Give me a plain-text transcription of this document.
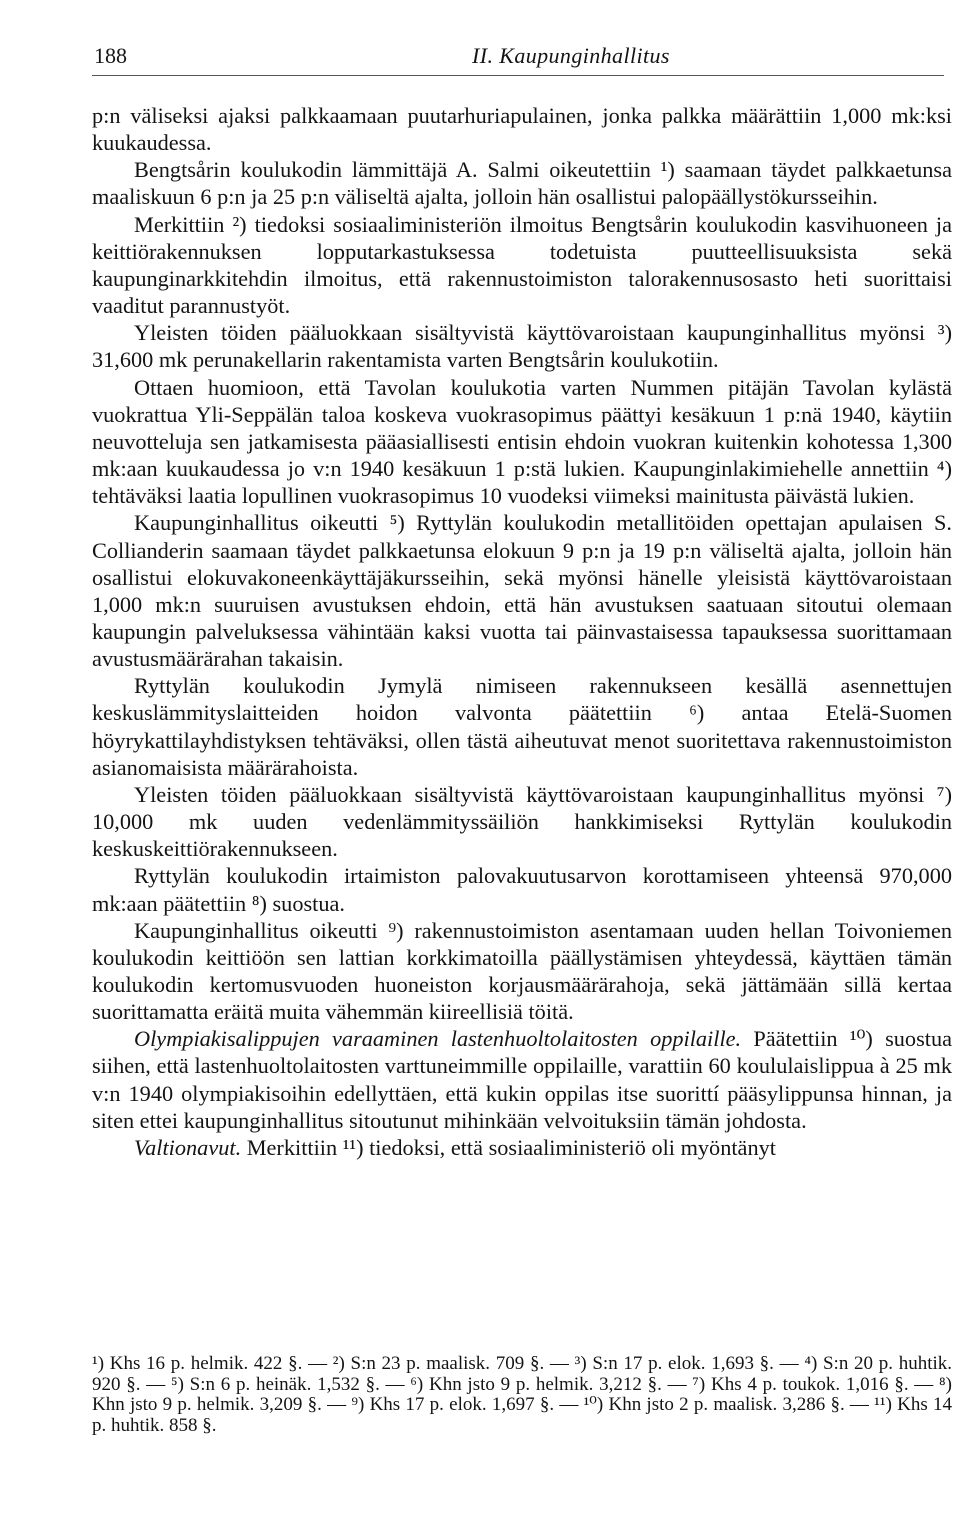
188	II. Kaupunginhallitus

p:n väliseksi ajaksi palkkaamaan puutarhuriapulainen, jonka palkka määrättiin 1,000 mk:ksi kuukaudessa.

Bengtsårin koulukodin lämmittäjä A. Salmi oikeutettiin ¹) saamaan täydet palkkaetunsa maaliskuun 6 p:n ja 25 p:n väliseltä ajalta, jolloin hän osallistui palopäällystökursseihin.

Merkittiin ²) tiedoksi sosiaaliministeriön ilmoitus Bengtsårin koulukodin kasvihuoneen ja keittiörakennuksen lopputarkastuksessa todetuista puutteellisuuksista sekä kaupunginarkkitehdin ilmoitus, että rakennustoimiston talorakennusosasto heti suorittaisi vaaditut parannustyöt.

Yleisten töiden pääluokkaan sisältyvistä käyttövaroistaan kaupunginhallitus myönsi ³) 31,600 mk perunakellarin rakentamista varten Bengtsårin koulukotiin.

Ottaen huomioon, että Tavolan koulukotia varten Nummen pitäjän Tavolan kylästä vuokrattua Yli-Seppälän taloa koskeva vuokrasopimus päättyi kesäkuun 1 p:nä 1940, käytiin neuvotteluja sen jatkamisesta pääasiallisesti entisin ehdoin vuokran kuitenkin kohotessa 1,300 mk:aan kuukaudessa jo v:n 1940 kesäkuun 1 p:stä lukien. Kaupunginlakimiehelle annettiin ⁴) tehtäväksi laatia lopullinen vuokrasopimus 10 vuodeksi viimeksi mainitusta päivästä lukien.

Kaupunginhallitus oikeutti ⁵) Ryttylän koulukodin metallitöiden opettajan apulaisen S. Collianderin saamaan täydet palkkaetunsa elokuun 9 p:n ja 19 p:n väliseltä ajalta, jolloin hän osallistui elokuvakoneenkäyttäjäkursseihin, sekä myönsi hänelle yleisistä käyttövaroistaan 1,000 mk:n suuruisen avustuksen ehdoin, että hän avustuksen saatuaan sitoutui olemaan kaupungin palveluksessa vähintään kaksi vuotta tai päinvastaisessa tapauksessa suorittamaan avustusmäärärahan takaisin.

Ryttylän koulukodin Jymylä nimiseen rakennukseen kesällä asennettujen keskuslämmityslaitteiden hoidon valvonta päätettiin ⁶) antaa Etelä-Suomen höyrykattilayhdistyksen tehtäväksi, ollen tästä aiheutuvat menot suoritettava rakennustoimiston asianomaisista määrärahoista.

Yleisten töiden pääluokkaan sisältyvistä käyttövaroistaan kaupunginhallitus myönsi ⁷) 10,000 mk uuden vedenlämmityssäiliön hankkimiseksi Ryttylän koulukodin keskuskeittiörakennukseen.

Ryttylän koulukodin irtaimiston palovakuutusarvon korottamiseen yhteensä 970,000 mk:aan päätettiin ⁸) suostua.

Kaupunginhallitus oikeutti ⁹) rakennustoimiston asentamaan uuden hellan Toivoniemen koulukodin keittiöön sen lattian korkkimatoilla päällystämisen yhteydessä, käyttäen tämän koulukodin kertomusvuoden huoneiston korjausmäärärahoja, sekä jättämään sillä kertaa suorittamatta eräitä muita vähemmän kiireellisiä töitä.

Olympiakisalippujen varaaminen lastenhuoltolaitosten oppilaille. Päätettiin ¹⁰) suostua siihen, että lastenhuoltolaitosten varttuneimmille oppilaille, varattiin 60 koululaislippua à 25 mk v:n 1940 olympiakisoihin edellyttäen, että kukin oppilas itse suorittí pääsylippunsa hinnan, ja siten ettei kaupunginhallitus sitoutunut mihinkään velvoituksiin tämän johdosta.

Valtionavut. Merkittiin ¹¹) tiedoksi, että sosiaaliministeriö oli myöntänyt

¹) Khs 16 p. helmik. 422 §. — ²) S:n 23 p. maalisk. 709 §. — ³) S:n 17 p. elok. 1,693 §. — ⁴) S:n 20 p. huhtik. 920 §. — ⁵) S:n 6 p. heinäk. 1,532 §. — ⁶) Khn jsto 9 p. helmik. 3,212 §. — ⁷) Khs 4 p. toukok. 1,016 §. — ⁸) Khn jsto 9 p. helmik. 3,209 §. — ⁹) Khs 17 p. elok. 1,697 §. — ¹⁰) Khn jsto 2 p. maalisk. 3,286 §. — ¹¹) Khs 14 p. huhtik. 858 §.
